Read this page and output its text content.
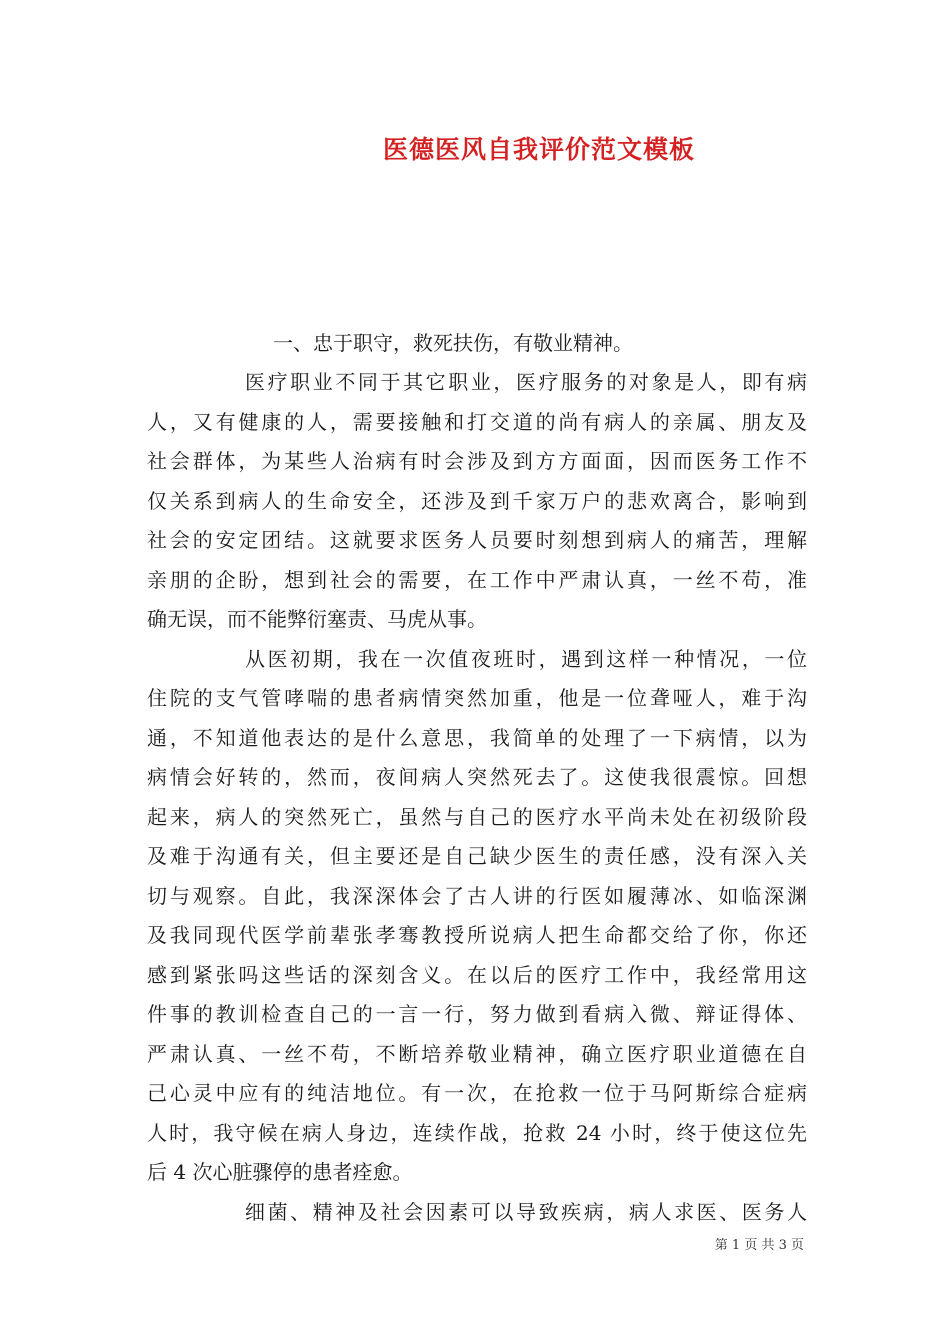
医德医风自我评价范文模板
一、忠于职守，救死扶伤，有敬业精神。
医疗职业不同于其它职业，医疗服务的对象是人，即有病
人，又有健康的人，需要接触和打交道的尚有病人的亲属、朋友及
社会群体，为某些人治病有时会涉及到方方面面，因而医务工作不
仅关系到病人的生命安全，还涉及到千家万户的悲欢离合，影响到
社会的安定团结。这就要求医务人员要时刻想到病人的痛苦，理解
亲朋的企盼，想到社会的需要，在工作中严肃认真，一丝不苟，准
确无误，而不能弊衍塞责、马虎从事。
从医初期，我在一次值夜班时，遇到这样一种情况，一位
住院的支气管哮喘的患者病情突然加重，他是一位聋哑人，难于沟
通，不知道他表达的是什么意思，我简单的处理了一下病情，以为
病情会好转的，然而，夜间病人突然死去了。这使我很震惊。回想
起来，病人的突然死亡，虽然与自己的医疗水平尚未处在初级阶段
及难于沟通有关，但主要还是自己缺少医生的责任感，没有深入关
切与观察。自此，我深深体会了古人讲的行医如履薄冰、如临深渊
及我同现代医学前辈张孝骞教授所说病人把生命都交给了你，你还
感到紧张吗这些话的深刻含义。在以后的医疗工作中，我经常用这
件事的教训检查自己的一言一行，努力做到看病入微、辩证得体、
严肃认真、一丝不苟，不断培养敬业精神，确立医疗职业道德在自
己心灵中应有的纯洁地位。有一次，在抢救一位于马阿斯综合症病
人时，我守候在病人身边，连续作战，抢救 24 小时，终于使这位先
后 4 次心脏骤停的患者痊愈。
细菌、精神及社会因素可以导致疾病，病人求医、医务人
第 1 页 共 3 页
